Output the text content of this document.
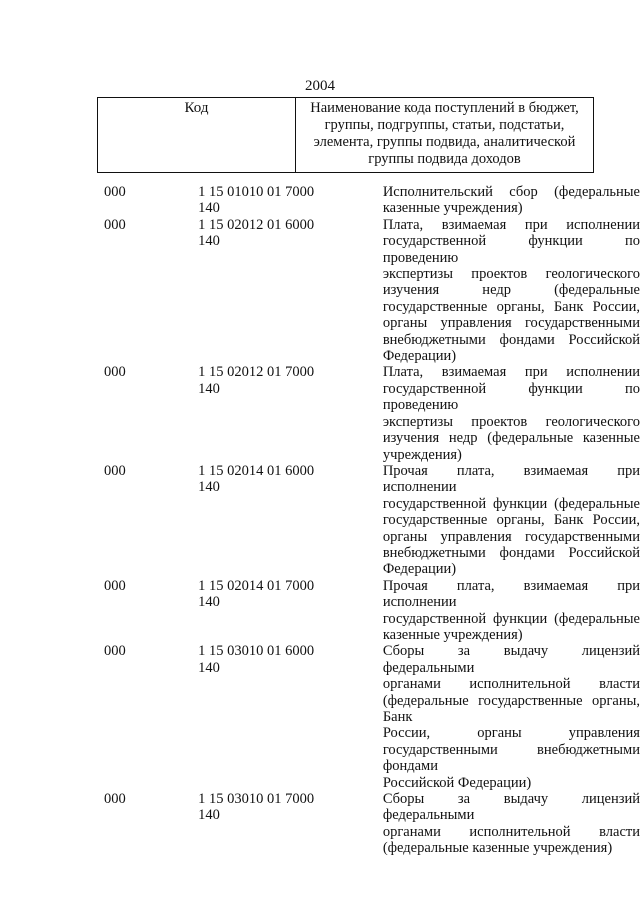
2004
Код	Наименование кода поступлений в бюджет, группы, подгруппы, статьи, подстатьи, элемента, группы подвида, аналитической группы подвида доходов
000	1 15 01010 01 7000 140
Исполнительский сбор (федеральные
казенные учреждения)
000	1 15 02012 01 6000 140
Плата, взимаемая при исполнении
государственной функции по проведению
экспертизы проектов геологического
изучения недр (федеральные
государственные органы, Банк России,
органы управления государственными
внебюджетными фондами Российской
Федерации)
000	1 15 02012 01 7000 140
Плата, взимаемая при исполнении
государственной функции по проведению
экспертизы проектов геологического
изучения недр (федеральные казенные
учреждения)
000	1 15 02014 01 6000 140
Прочая плата, взимаемая при исполнении
государственной функции (федеральные
государственные органы, Банк России,
органы управления государственными
внебюджетными фондами Российской
Федерации)
000	1 15 02014 01 7000 140
Прочая плата, взимаемая при исполнении
государственной функции (федеральные
казенные учреждения)
000	1 15 03010 01 6000 140
Сборы за выдачу лицензий федеральными
органами исполнительной власти
(федеральные государственные органы, Банк
России, органы управления
государственными внебюджетными фондами
Российской Федерации)
000	1 15 03010 01 7000 140
Сборы за выдачу лицензий федеральными
органами исполнительной власти
(федеральные казенные учреждения)
